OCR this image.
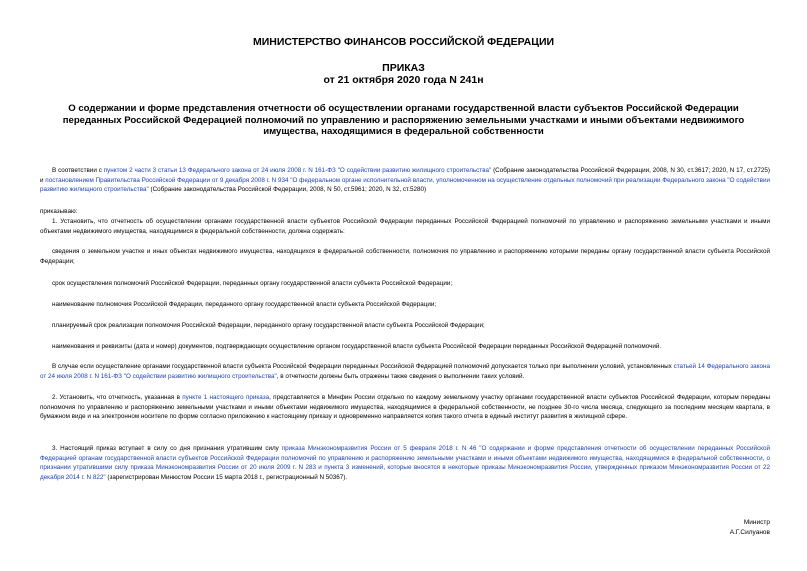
МИНИСТЕРСТВО ФИНАНСОВ РОССИЙСКОЙ ФЕДЕРАЦИИ
ПРИКАЗ
от 21 октября 2020 года N 241н
О содержании и форме представления отчетности об осуществлении органами государственной власти субъектов Российской Федерации переданных Российской Федерацией полномочий по управлению и распоряжению земельными участками и иными объектами недвижимого имущества, находящимися в федеральной собственности
В соответствии с пунктом 2 части 3 статьи 13 Федерального закона от 24 июля 2008 г. N 161-ФЗ "О содействии развитию жилищного строительства" (Собрание законодательства Российской Федерации, 2008, N 30, ст.3617; 2020, N 17, ст.2725) и постановлением Правительства Российской Федерации от 9 декабря 2008 г. N 934 "О федеральном органе исполнительной власти, уполномоченном на осуществление отдельных полномочий при реализации Федерального закона "О содействии развитию жилищного строительства" (Собрание законодательства Российской Федерации, 2008, N 50, ст.5961; 2020, N 32, ст.5280)
приказываю:
1. Установить, что отчетность об осуществлении органами государственной власти субъектов Российской Федерации переданных Российской Федерацией полномочий по управлению и распоряжению земельными участками и иными объектами недвижимого имущества, находящимися в федеральной собственности, должна содержать:
сведения о земельном участке и иных объектах недвижимого имущества, находящихся в федеральной собственности, полномочия по управлению и распоряжению которыми переданы органу государственной власти субъекта Российской Федерации;
срок осуществления полномочий Российской Федерации, переданных органу государственной власти субъекта Российской Федерации;
наименование полномочия Российской Федерации, переданного органу государственной власти субъекта Российской Федерации;
планируемый срок реализации полномочия Российской Федерации, переданного органу государственной власти субъекта Российской Федерации;
наименования и реквизиты (дата и номер) документов, подтверждающих осуществление органом государственной власти субъекта Российской Федерации переданных Российской Федерацией полномочий.
В случае если осуществление органами государственной власти субъекта Российской Федерации переданных Российской Федерацией полномочий допускается только при выполнении условий, установленных статьей 14 Федерального закона от 24 июля 2008 г. N 161-ФЗ "О содействии развитию жилищного строительства", в отчетности должны быть отражены также сведения о выполнении таких условий.
2. Установить, что отчетность, указанная в пункте 1 настоящего приказа, представляется в Минфин России отдельно по каждому земельному участку органами государственной власти субъектов Российской Федерации, которым переданы полномочия по управлению и распоряжению земельными участками и иными объектами недвижимого имущества, находящимися в федеральной собственности, не позднее 30-го числа месяца, следующего за последним месяцем квартала, в бумажном виде и на электронном носителе по форме согласно приложению к настоящему приказу и одновременно направляется копия такого отчета в единый институт развития в жилищной сфере.
3. Настоящий приказ вступает в силу со дня признания утратившим силу приказа Минэкономразвития России от 5 февраля 2018 г. N 46 "О содержании и форме представления отчетности об осуществлении переданных Российской Федерацией органам государственной власти субъектов Российской Федерации полномочий по управлению и распоряжению земельными участками и иными объектами недвижимого имущества, находящимися в федеральной собственности, о признании утратившими силу приказа Минэкономразвития России от 20 июля 2009 г. N 283 и пункта 3 изменений, которые вносятся в некоторые приказы Минэкономразвития России, утвержденных приказом Минэкономразвития России от 22 декабря 2014 г. N 822" (зарегистрирован Минюстом России 15 марта 2018 г., регистрационный N 50367).
Министр
А.Г.Силуанов
